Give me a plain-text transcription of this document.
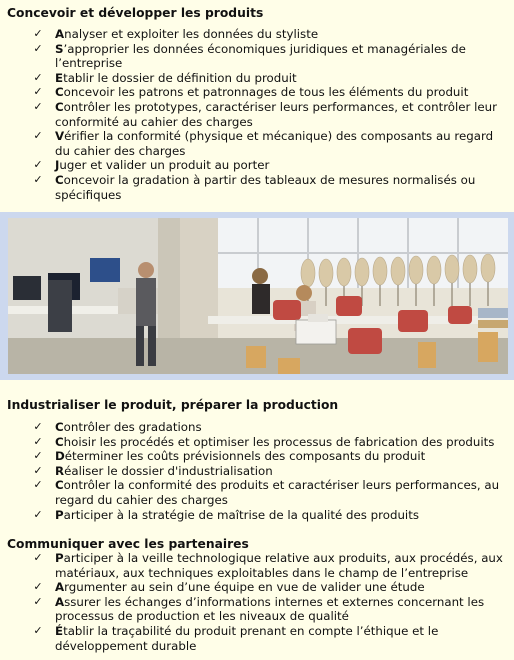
Concevoir et développer les produits
✓ Analyser et exploiter les données du styliste
✓ S’approprier les données économiques juridiques et managériales de l’entreprise
✓ Etablir le dossier de définition du produit
✓ Concevoir les patrons et patronnages de tous les éléments du produit
✓ Contrôler les prototypes, caractériser leurs performances, et contrôler leur conformité au cahier des charges
✓ Vérifier la conformité (physique et mécanique) des composants au regard du cahier des charges
✓ Juger et valider un produit au porter
✓ Concevoir la gradation à partir des tableaux de mesures normalisés ou spécifiques
Industrialiser le produit, préparer la production
✓ Contrôler des gradations
✓ Choisir les procédés et optimiser les processus de fabrication des produits
✓ Déterminer les coûts prévisionnels des composants du produit
✓ Réaliser le dossier d'industrialisation
✓ Contrôler la conformité des produits et caractériser leurs performances, au regard du cahier des charges
✓ Participer à la stratégie de maîtrise de la qualité des produits
Communiquer avec les partenaires
✓ Participer à la veille technologique relative aux produits, aux procédés, aux matériaux, aux techniques exploitables dans le champ de l’entreprise
✓ Argumenter au sein d’une équipe en vue de valider une étude
✓ Assurer les échanges d’informations internes et externes concernant les processus de production et les niveaux de qualité
✓ Établir la traçabilité du produit prenant en compte l’éthique et le développement durable
